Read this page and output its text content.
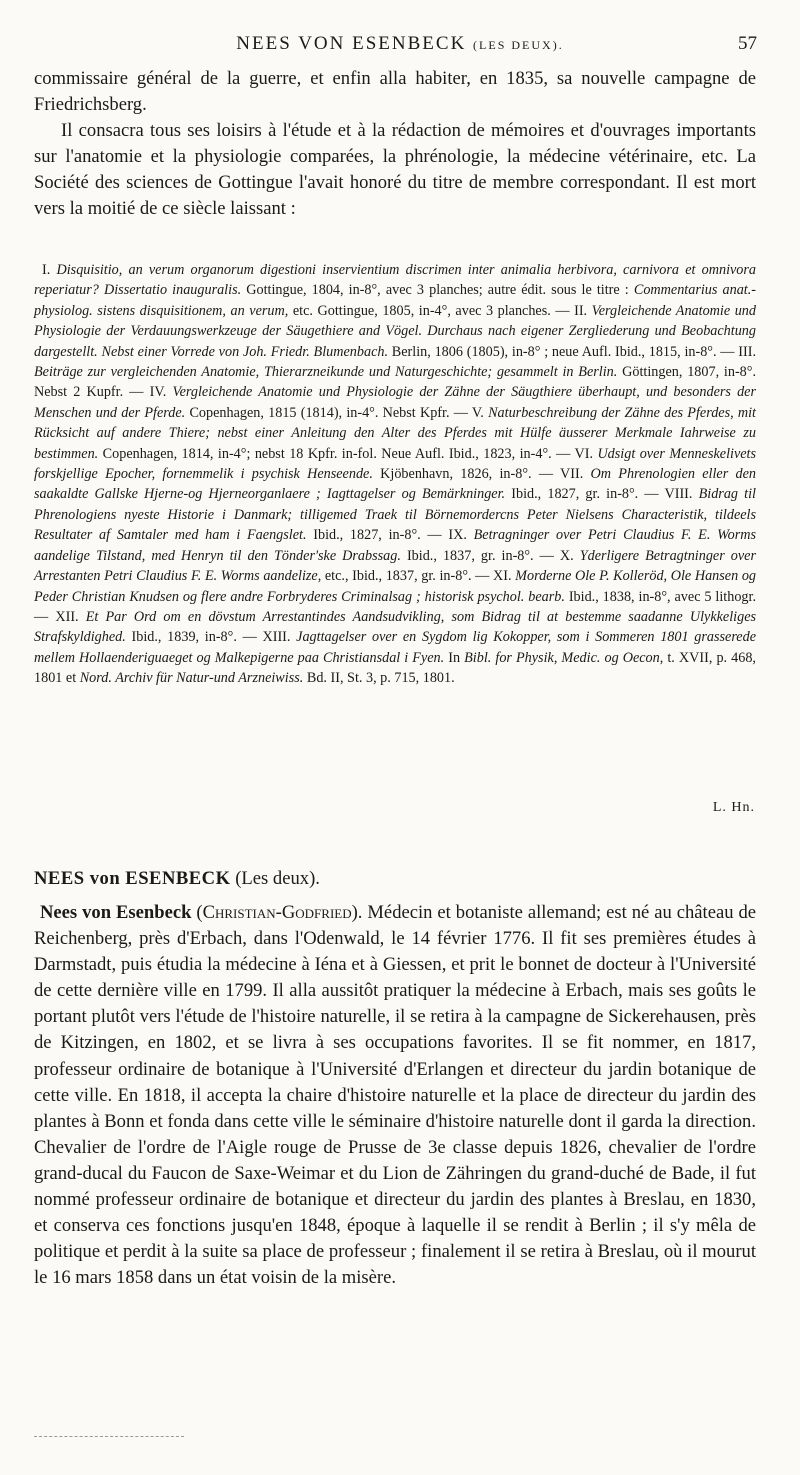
NEES VON ESENBECK (LES DEUX).	57

commissaire général de la guerre, et enfin alla habiter, en 1835, sa nouvelle campagne de Friedrichsberg.

Il consacra tous ses loisirs à l'étude et à la rédaction de mémoires et d'ouvrages importants sur l'anatomie et la physiologie comparées, la phrénologie, la médecine vétérinaire, etc. La Société des sciences de Gottingue l'avait honoré du titre de membre correspondant. Il est mort vers la moitié de ce siècle laissant :

I. Disquisitio, an verum organorum digestioni inservientium discrimen inter animalia herbivora, carnivora et omnivora reperiatur? Dissertatio inauguralis. Gottingue, 1804, in-8°, avec 3 planches; autre édit. sous le titre : Commentarius anat.-physiolog. sistens disquisitionem, an verum, etc. Gottingue, 1805, in-4°, avec 3 planches. — II. Vergleichende Anatomie und Physiologie der Verdauungswerkzeuge der Säugethiere and Vögel. Durchaus nach eigener Zergliederung und Beobachtung dargestellt. Nebst einer Vorrede von Joh. Friedr. Blumenbach. Berlin, 1806 (1805), in-8° ; neue Aufl. Ibid., 1815, in-8°. — III. Beiträge zur vergleichenden Anatomie, Thierarzneikunde und Naturgeschichte; gesammelt in Berlin. Göttingen, 1807, in-8°. Nebst 2 Kupfr. — IV. Vergleichende Anatomie und Physiologie der Zähne der Säugthiere überhaupt, und besonders der Menschen und der Pferde. Copenhagen, 1815 (1814), in-4°. Nebst Kpfr. — V. Naturbeschreibung der Zähne des Pferdes, mit Rücksicht auf andere Thiere; nebst einer Anleitung den Alter des Pferdes mit Hülfe äusserer Merkmale Iahrweise zu bestimmen. Copenhagen, 1814, in-4°; nebst 18 Kpfr. in-fol. Neue Aufl. Ibid., 1823, in-4°. — VI. Udsigt over Menneskelivets forskjellige Epocher, fornemmelik i psychisk Henseende. Kjöbenhavn, 1826, in-8°. — VII. Om Phrenologien eller den saakaldte Gallske Hjerne-og Hjerneorganlaere ; Iagttagelser og Bemärkninger. Ibid., 1827, gr. in-8°. — VIII. Bidrag til Phrenologiens nyeste Historie i Danmark; tilligemed Traek til Börnemordercns Peter Nielsens Characteristik, tildeels Resultater af Samtaler med ham i Faengslet. Ibid., 1827, in-8°. — IX. Betragninger over Petri Claudius F. E. Worms aandelige Tilstand, med Henryn til den Tönder'ske Drabssag. Ibid., 1837, gr. in-8°. — X. Yderligere Betragtninger over Arrestanten Petri Claudius F. E. Worms aandelize, etc., Ibid., 1837, gr. in-8°. — XI. Morderne Ole P. Kolleröd, Ole Hansen og Peder Christian Knudsen og flere andre Forbryderes Criminalsag ; historisk psychol. bearb. Ibid., 1838, in-8°, avec 5 lithogr. — XII. Et Par Ord om en dövstum Arrestantindes Aandsudvikling, som Bidrag til at bestemme saadanne Ulykkeliges Strafskyldighed. Ibid., 1839, in-8°. — XIII. Jagttagelser over en Sygdom lig Kokopper, som i Sommeren 1801 grasserede mellem Hollaenderiguaeget og Malkepigerne paa Christiansdal i Fyen. In Bibl. for Physik, Medic. og Oecon, t. XVII, p. 468, 1801 et Nord. Archiv für Natur-und Arzneiwiss. Bd. II, St. 3, p. 715, 1801.

L. Hn.
NEES von ESENBECK (Les deux).

Nees von Esenbeck (Christian-Godfried). Médecin et botaniste allemand; est né au château de Reichenberg, près d'Erbach, dans l'Odenwald, le 14 février 1776. Il fit ses premières études à Darmstadt, puis étudia la médecine à Iéna et à Giessen, et prit le bonnet de docteur à l'Université de cette dernière ville en 1799. Il alla aussitôt pratiquer la médecine à Erbach, mais ses goûts le portant plutôt vers l'étude de l'histoire naturelle, il se retira à la campagne de Sickerehausen, près de Kitzingen, en 1802, et se livra à ses occupations favorites. Il se fit nommer, en 1817, professeur ordinaire de botanique à l'Université d'Erlangen et directeur du jardin botanique de cette ville. En 1818, il accepta la chaire d'histoire naturelle et la place de directeur du jardin des plantes à Bonn et fonda dans cette ville le séminaire d'histoire naturelle dont il garda la direction. Chevalier de l'ordre de l'Aigle rouge de Prusse de 3e classe depuis 1826, chevalier de l'ordre grand-ducal du Faucon de Saxe-Weimar et du Lion de Zähringen du grand-duché de Bade, il fut nommé professeur ordinaire de botanique et directeur du jardin des plantes à Breslau, en 1830, et conserva ces fonctions jusqu'en 1848, époque à laquelle il se rendit à Berlin ; il s'y mêla de politique et perdit à la suite sa place de professeur ; finalement il se retira à Breslau, où il mourut le 16 mars 1858 dans un état voisin de la misère.
